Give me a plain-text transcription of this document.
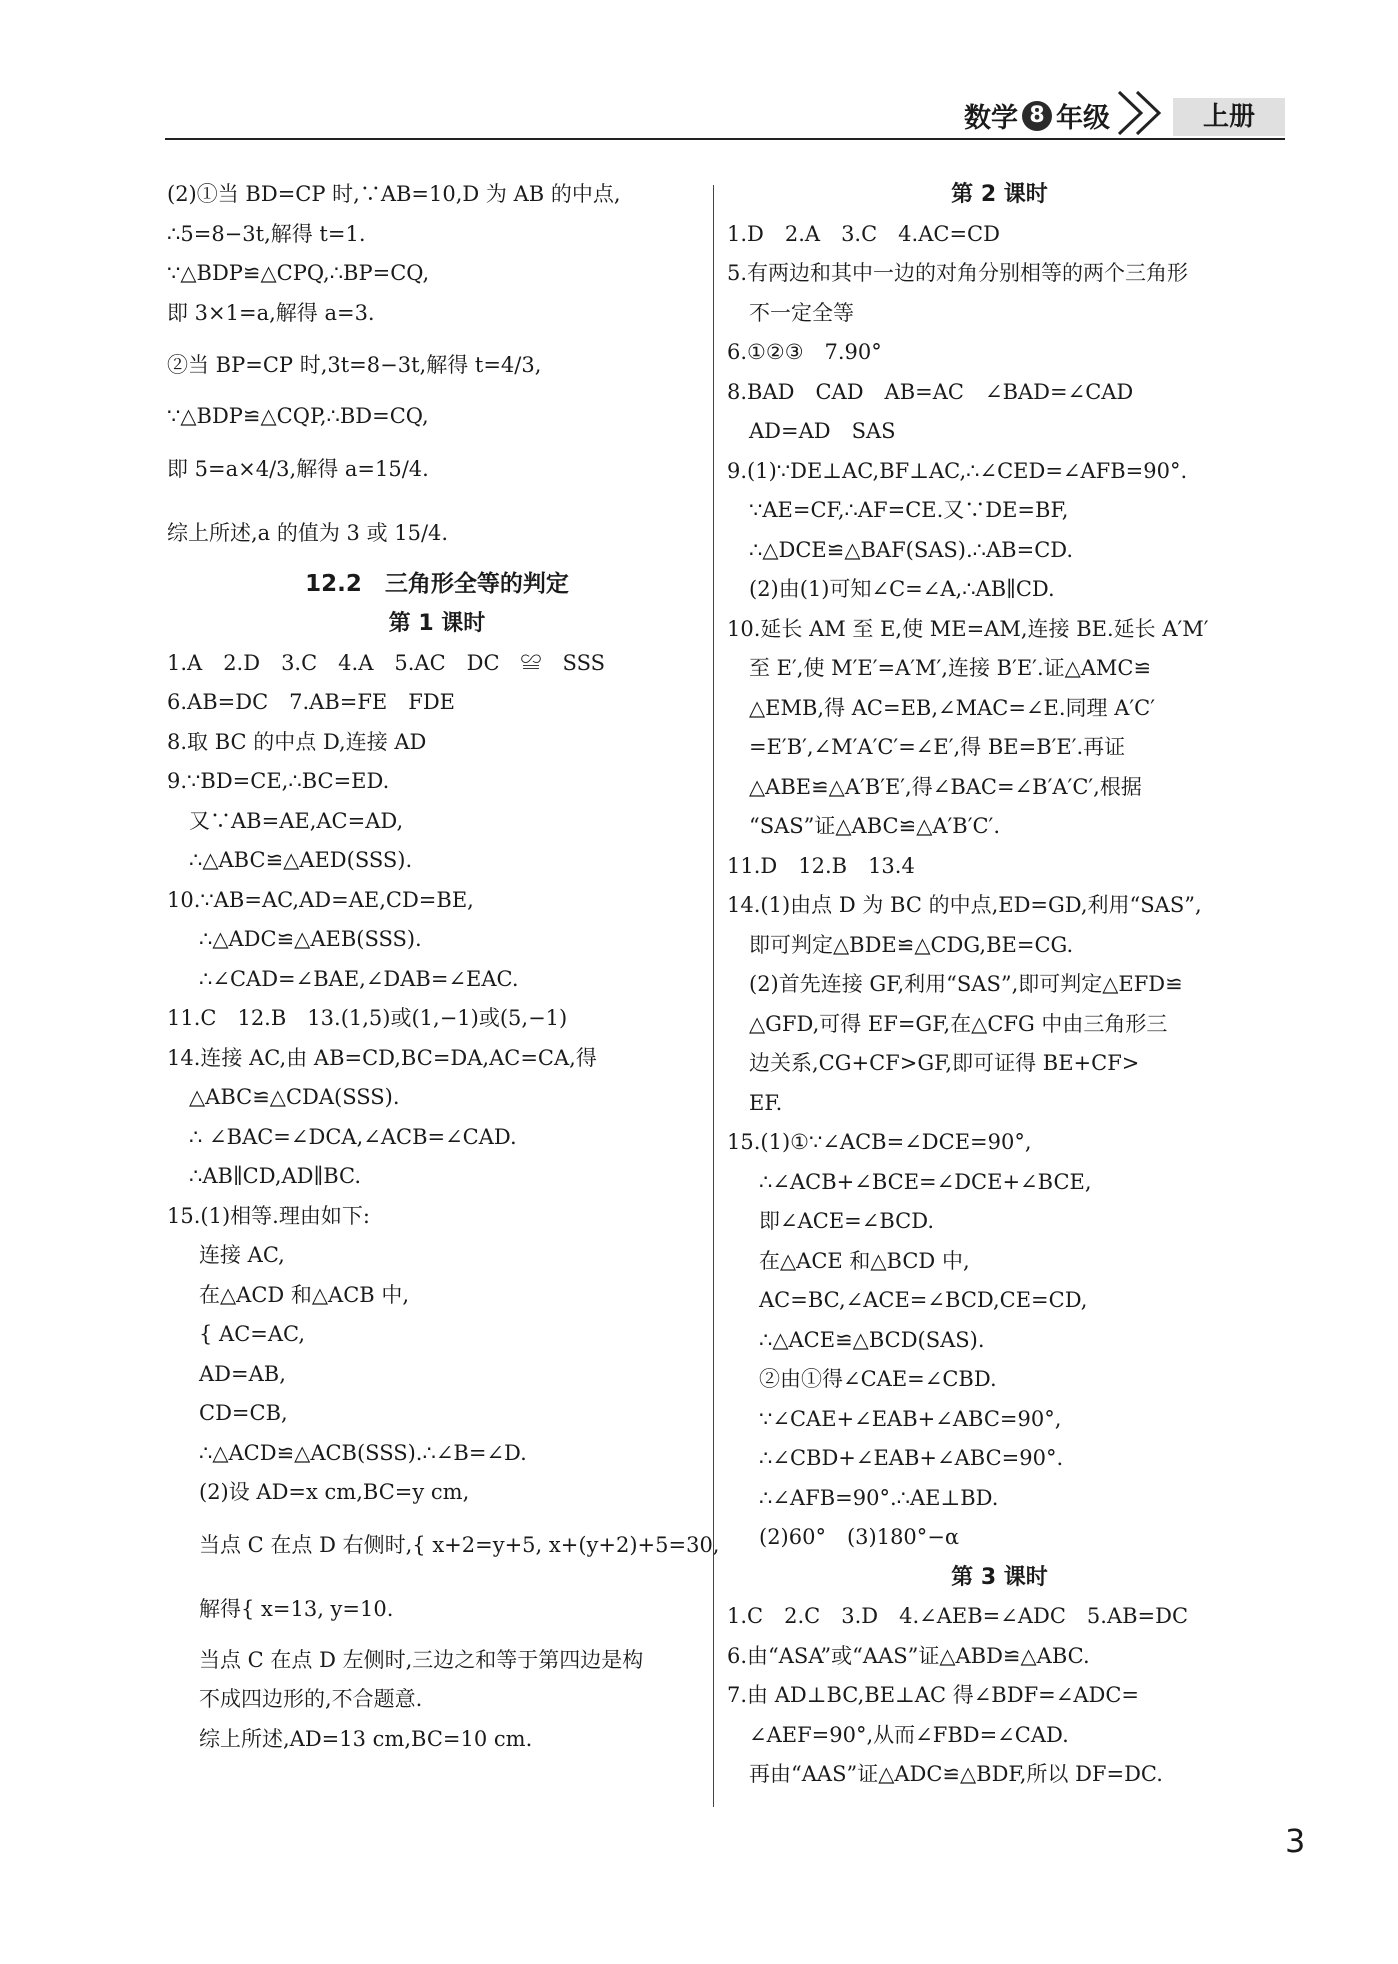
数学 8 年级	上册
(2)①当 BD=CP 时,∵AB=10,D 为 AB 的中点,
∴5=8−3t,解得 t=1.
∵△BDP≌△CPQ,∴BP=CQ,
即 3×1=a,解得 a=3.
②当 BP=CP 时,3t=8−3t,解得 t=4/3,
∵△BDP≌△CQP,∴BD=CQ,
即 5=a×4/3,解得 a=15/4.
综上所述,a 的值为 3 或 15/4.
12.2　三角形全等的判定
第 1 课时
1.A　2.D　3.C　4.A　5.AC　DC　≌　SSS
6.AB=DC　7.AB=FE　FDE
8.取 BC 的中点 D,连接 AD
9.∵BD=CE,∴BC=ED.
又∵AB=AE,AC=AD,
∴△ABC≌△AED(SSS).
10.∵AB=AC,AD=AE,CD=BE,
∴△ADC≌△AEB(SSS).
∴∠CAD=∠BAE,∠DAB=∠EAC.
11.C　12.B　13.(1,5)或(1,−1)或(5,−1)
14.连接 AC,由 AB=CD,BC=DA,AC=CA,得
△ABC≌△CDA(SSS).
∴ ∠BAC=∠DCA,∠ACB=∠CAD.
∴AB∥CD,AD∥BC.
15.(1)相等.理由如下:
连接 AC,
在△ACD 和△ACB 中,
{ AC=AC,
AD=AB,
CD=CB,
∴△ACD≌△ACB(SSS).∴∠B=∠D.
(2)设 AD=x cm,BC=y cm,
当点 C 在点 D 右侧时,{ x+2=y+5, x+(y+2)+5=30,
解得{ x=13, y=10.
当点 C 在点 D 左侧时,三边之和等于第四边是构
不成四边形的,不合题意.
综上所述,AD=13 cm,BC=10 cm.
第 2 课时
1.D　2.A　3.C　4.AC=CD
5.有两边和其中一边的对角分别相等的两个三角形
不一定全等
6.①②③　7.90°
8.BAD　CAD　AB=AC　∠BAD=∠CAD
AD=AD　SAS
9.(1)∵DE⊥AC,BF⊥AC,∴∠CED=∠AFB=90°.
∵AE=CF,∴AF=CE.又∵DE=BF,
∴△DCE≌△BAF(SAS).∴AB=CD.
(2)由(1)可知∠C=∠A,∴AB∥CD.
10.延长 AM 至 E,使 ME=AM,连接 BE.延长 A′M′
至 E′,使 M′E′=A′M′,连接 B′E′.证△AMC≌
△EMB,得 AC=EB,∠MAC=∠E.同理 A′C′
=E′B′,∠M′A′C′=∠E′,得 BE=B′E′.再证
△ABE≌△A′B′E′,得∠BAC=∠B′A′C′,根据
“SAS”证△ABC≌△A′B′C′.
11.D　12.B　13.4
14.(1)由点 D 为 BC 的中点,ED=GD,利用“SAS”,
即可判定△BDE≌△CDG,BE=CG.
(2)首先连接 GF,利用“SAS”,即可判定△EFD≌
△GFD,可得 EF=GF,在△CFG 中由三角形三
边关系,CG+CF>GF,即可证得 BE+CF>
EF.
15.(1)①∵∠ACB=∠DCE=90°,
∴∠ACB+∠BCE=∠DCE+∠BCE,
即∠ACE=∠BCD.
在△ACE 和△BCD 中,
AC=BC,∠ACE=∠BCD,CE=CD,
∴△ACE≌△BCD(SAS).
②由①得∠CAE=∠CBD.
∵∠CAE+∠EAB+∠ABC=90°,
∴∠CBD+∠EAB+∠ABC=90°.
∴∠AFB=90°.∴AE⊥BD.
(2)60°　(3)180°−α
第 3 课时
1.C　2.C　3.D　4.∠AEB=∠ADC　5.AB=DC
6.由“ASA”或“AAS”证△ABD≌△ABC.
7.由 AD⊥BC,BE⊥AC 得∠BDF=∠ADC=
∠AEF=90°,从而∠FBD=∠CAD.
再由“AAS”证△ADC≌△BDF,所以 DF=DC.
3
